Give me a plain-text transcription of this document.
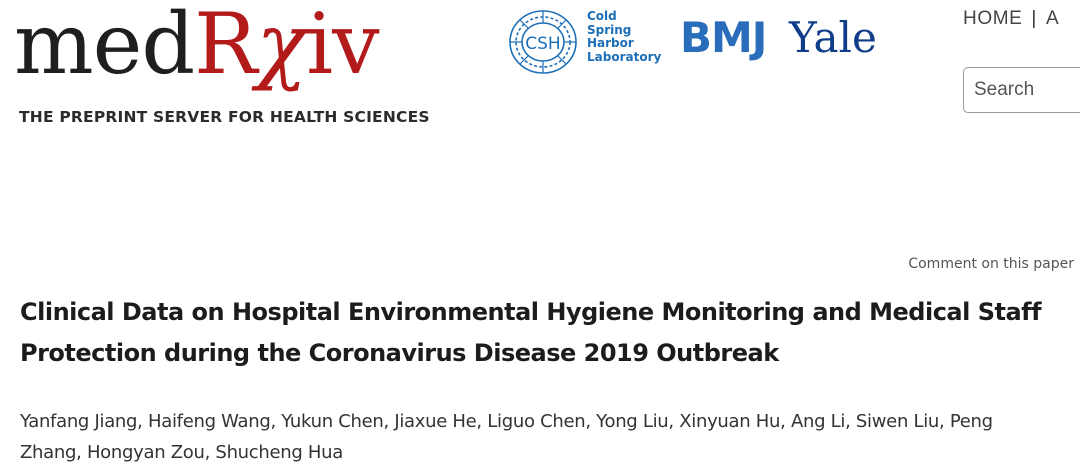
medRχiv
THE PREPRINT SERVER FOR HEALTH SCIENCES
CSH
Cold
Spring
Harbor
Laboratory BMJ Yale	HOME | A
Search
Comment on this paper
Clinical Data on Hospital Environmental Hygiene Monitoring and Medical Staff Protection during the Coronavirus Disease 2019 Outbreak

Yanfang Jiang, Haifeng Wang, Yukun Chen, Jiaxue He, Liguo Chen, Yong Liu, Xinyuan Hu, Ang Li, Siwen Liu, Peng Zhang, Hongyan Zou, Shucheng Hua
